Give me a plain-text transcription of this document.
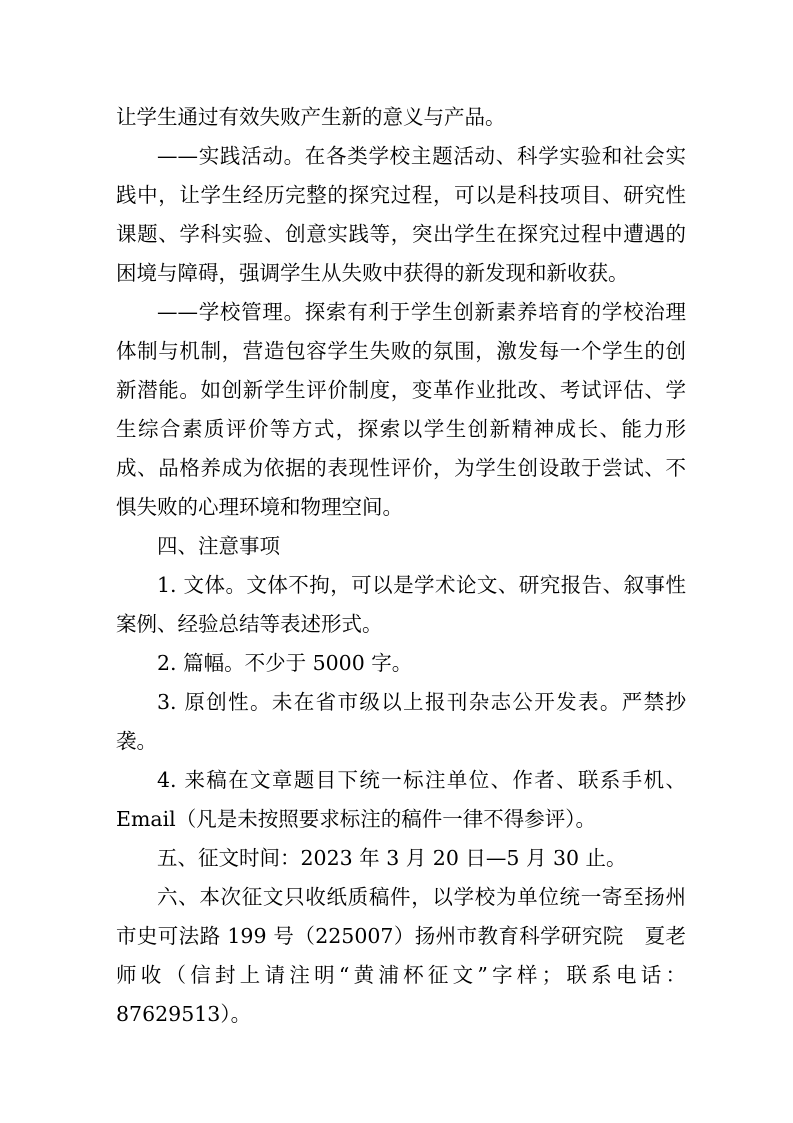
让学生通过有效失败产生新的意义与产品。

——实践活动。在各类学校主题活动、科学实验和社会实践中，让学生经历完整的探究过程，可以是科技项目、研究性课题、学科实验、创意实践等，突出学生在探究过程中遭遇的困境与障碍，强调学生从失败中获得的新发现和新收获。

——学校管理。探索有利于学生创新素养培育的学校治理体制与机制，营造包容学生失败的氛围，激发每一个学生的创新潜能。如创新学生评价制度，变革作业批改、考试评估、学生综合素质评价等方式，探索以学生创新精神成长、能力形成、品格养成为依据的表现性评价，为学生创设敢于尝试、不惧失败的心理环境和物理空间。

四、注意事项

1. 文体。文体不拘，可以是学术论文、研究报告、叙事性案例、经验总结等表述形式。

2. 篇幅。不少于 5000 字。

3. 原创性。未在省市级以上报刊杂志公开发表。严禁抄袭。

4. 来稿在文章题目下统一标注单位、作者、联系手机、Email（凡是未按照要求标注的稿件一律不得参评）。

五、征文时间：2023 年 3 月 20 日—5 月 30 止。

六、本次征文只收纸质稿件，以学校为单位统一寄至扬州市史可法路 199 号（225007）扬州市教育科学研究院　夏老师收（信封上请注明“黄浦杯征文”字样；联系电话：87629513）。
